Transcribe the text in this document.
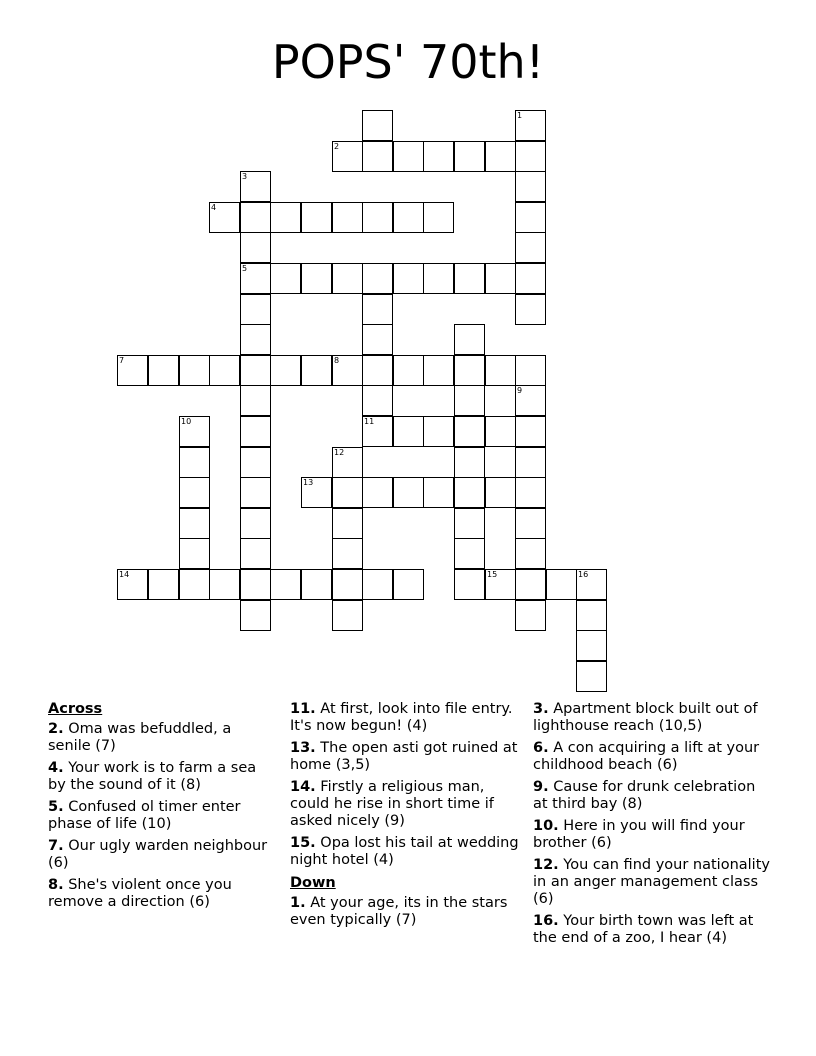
POPS' 70th!
2
3
4
5
8
1
7
11
10
12
13
9
14	15	16
Across
2. Oma was befuddled, a senile (7)
4. Your work is to farm a sea by the sound of it (8)
5. Confused ol timer enter phase of life (10)
7. Our ugly warden neighbour (6)
8. She's violent once you remove a direction (6)
11. At first, look into file entry. It's now begun! (4)
13. The open asti got ruined at home (3,5)
14. Firstly a religious man, could he rise in short time if asked nicely (9)
15. Opa lost his tail at wedding night hotel (4)
Down
1. At your age, its in the stars even typically (7)
3. Apartment block built out of lighthouse reach (10,5)
6. A con acquiring a lift at your childhood beach (6)
9. Cause for drunk celebration at third bay (8)
10. Here in you will find your brother (6)
12. You can find your nationality in an anger management class (6)
16. Your birth town was left at the end of a zoo, I hear (4)
